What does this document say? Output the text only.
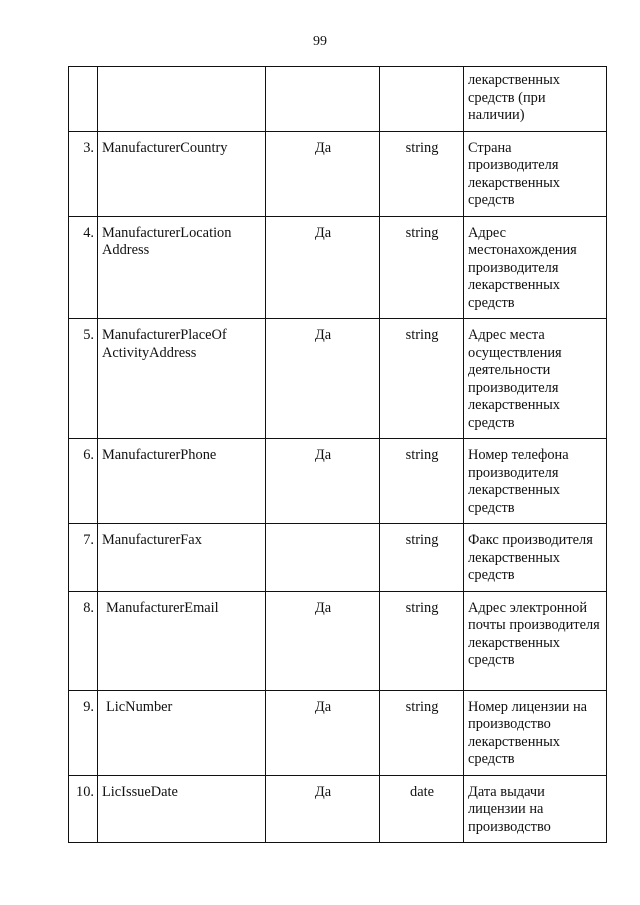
99
				лекарственных средств (при наличии)
3.	ManufacturerCountry	Да	string	Страна производителя лекарственных средств
4.	ManufacturerLocation Address	Да	string	Адрес местонахождения производителя лекарственных средств
5.	ManufacturerPlaceOf ActivityAddress	Да	string	Адрес места осуществления деятельности производителя лекарственных средств
6.	ManufacturerPhone	Да	string	Номер телефона производителя лекарственных средств
7.	ManufacturerFax		string	Факс производителя лекарственных средств
8.	ManufacturerEmail	Да	string	Адрес электронной почты производителя лекарственных средств
9.	LicNumber	Да	string	Номер лицензии на производство лекарственных средств
10.	LicIssueDate	Да	date	Дата выдачи лицензии на производство
